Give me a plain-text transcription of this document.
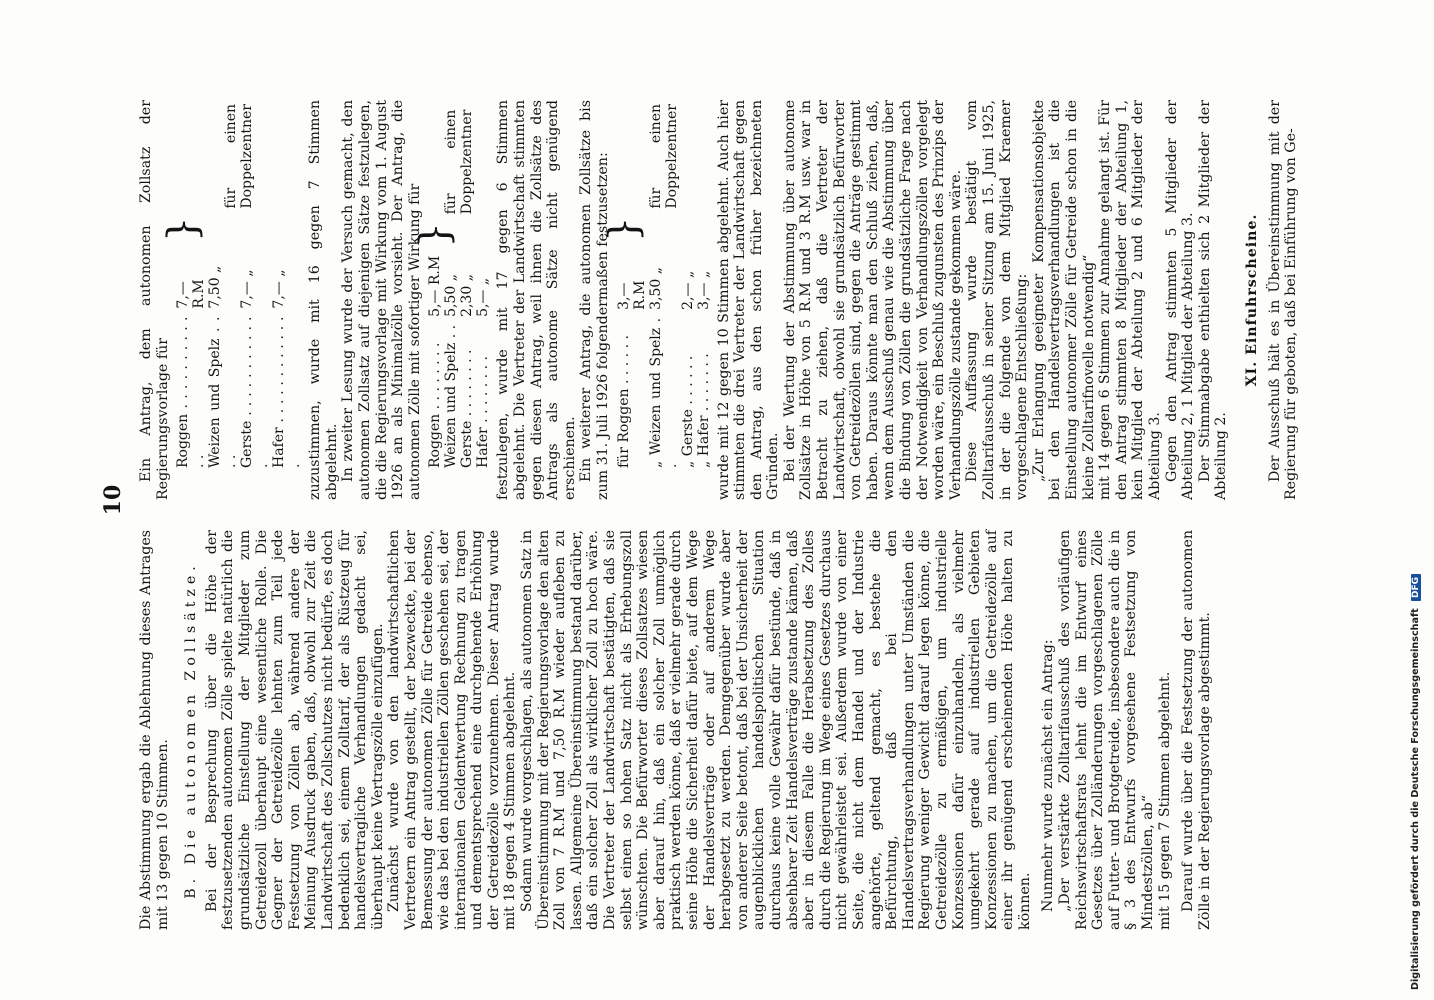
10

Die Abstimmung ergab die Ablehnung dieses Antrages mit 13 gegen 10 Stimmen. B. Die autonomen Zollsätze. Bei der Besprechung über die Höhe der festzusetzenden autonomen Zölle spielte natürlich die grundsätzliche Einstellung der Mitglieder zum Getreidezoll überhaupt eine wesentliche Rolle. Die Gegner der Getreidezölle lehnten zum Teil jede Festsetzung von Zöllen ab, während andere der Meinung Ausdruck gaben, daß, obwohl zur Zeit die Landwirtschaft des Zollschutzes nicht bedürfe, es doch bedenklich sei, einem Zolltarif, der als Rüstzeug für handelsvertragliche Verhandlungen gedacht sei, überhaupt keine Vertragszölle einzufügen. Zunächst wurde von den landwirtschaftlichen Vertretern ein Antrag gestellt, der bezweckte, bei der Bemessung der autonomen Zölle für Getreide ebenso, wie das bei den industriellen Zöllen geschehen sei, der internationalen Geldentwertung Rechnung zu tragen und dementsprechend eine durchgehende Erhöhung der Getreidezölle vorzunehmen. Dieser Antrag wurde mit 18 gegen 4 Stimmen abgelehnt. Sodann wurde vorgeschlagen, als autonomen Satz in Übereinstimmung mit der Regierungsvorlage den alten Zoll von 7 R.M und 7,50 R.M wieder aufleben zu lassen. Allgemeine Übereinstimmung bestand darüber, daß ein solcher Zoll als wirklicher Zoll zu hoch wäre. Die Vertreter der Landwirtschaft bestätigten, daß sie selbst einen so hohen Satz nicht als Erhebungszoll wünschten. Die Befürworter dieses Zollsatzes wiesen aber darauf hin, daß ein solcher Zoll unmöglich praktisch werden könne, daß er vielmehr gerade durch seine Höhe die Sicherheit dafür biete, auf dem Wege der Handelsverträge oder auf anderem Wege herabgesetzt zu werden. Demgegenüber wurde aber von anderer Seite betont, daß bei der Unsicherheit der augenblicklichen handelspolitischen Situation durchaus keine volle Gewähr dafür bestünde, daß in absehbarer Zeit Handelsverträge zustande kämen, daß aber in diesem Falle die Herabsetzung des Zolles durch die Regierung im Wege eines Gesetzes durchaus nicht gewährleistet sei. Außerdem wurde von einer Seite, die nicht dem Handel und der Industrie angehörte, geltend gemacht, es bestehe die Befürchtung, daß bei den Handelsvertragsverhandlungen unter Umständen die Regierung weniger Gewicht darauf legen könne, die Getreidezölle zu ermäßigen, um industrielle Konzessionen dafür einzuhandeln, als vielmehr umgekehrt gerade auf industriellen Gebieten Konzessionen zu machen, um die Getreidezölle auf einer ihr genügend erscheinenden Höhe halten zu können. Nunmehr wurde zunächst ein Antrag: „Der verstärkte Zolltarifausschuß des vorläufigen Reichswirtschaftsrats lehnt die im Entwurf eines Gesetzes über Zolländerungen vorgeschlagenen Zölle auf Futter- und Brotgetreide, insbesondere auch die in § 3 des Entwurfs vorgesehene Festsetzung von Mindestzöllen, ab“ mit 15 gegen 7 Stimmen abgelehnt. Darauf wurde über die Festsetzung der autonomen Zölle in der Regierungsvorlage abgestimmt.

Ein Antrag, dem autonomen Zollsatz der Regierungsvorlage für Roggen . . . . . . . . . . . .	7,— R.M	}	für einen Doppelzentner
Weizen und Spelz . . . .	7,50 „		
Gerste . . . . . . . . . . . .	7,— „		
Hafer . . . . . . . . . . . . .	7,— „		zuzustimmen, wurde mit 16 gegen 7 Stimmen abgelehnt. In zweiter Lesung wurde der Versuch gemacht, den autonomen Zollsatz auf diejenigen Sätze festzulegen, die die Regierungsvorlage mit Wirkung vom 1. August 1926 an als Minimalzölle vorsieht. Der Antrag, die autonomen Zölle mit sofortiger Wirkung für Roggen . . . . . . . .	5,— R.M	}	für einen Doppelzentner
Weizen und Spelz . .	5,50 „		
Gerste . . . . . . . .	2,30 „		
Hafer . . . . . . . .	5,— „		festzulegen, wurde mit 17 gegen 6 Stimmen abgelehnt. Die Vertreter der Landwirtschaft stimmten gegen diesen Antrag, weil ihnen die Zollsätze des Antrags als autonome Sätze nicht genügend erschienen. Ein weiterer Antrag, die autonomen Zollsätze bis zum 31. Juli 1926 folgendermaßen festzusetzen: für Roggen . . . . . .	3,— R.M	}	für einen Doppelzentner
„ Weizen und Spelz . .	3,50 „		
„ Gerste . . . . . .	2,— „		
„ Hafer . . . . . . .	3,— „		wurde mit 12 gegen 10 Stimmen abgelehnt. Auch hier stimmten die drei Vertreter der Landwirtschaft gegen den Antrag, aus den schon früher bezeichneten Gründen. Bei der Wertung der Abstimmung über autonome Zollsätze in Höhe von 5 R.M und 3 R.M usw. war in Betracht zu ziehen, daß die Vertreter der Landwirtschaft, obwohl sie grundsätzlich Befürworter von Getreidezöllen sind, gegen die Anträge gestimmt haben. Daraus könnte man den Schluß ziehen, daß, wenn dem Ausschuß genau wie die Abstimmung über die Bindung von Zöllen die grundsätzliche Frage nach der Notwendigkeit von Verhandlungszöllen vorgelegt worden wäre, ein Beschluß zugunsten des Prinzips der Verhandlungszölle zustande gekommen wäre. Diese Auffassung wurde bestätigt vom Zolltarifausschuß in seiner Sitzung am 15. Juni 1925, in der die folgende von dem Mitglied Kraemer vorgeschlagene Entschließung: „Zur Erlangung geeigneter Kompensationsobjekte bei den Handelsvertragsverhandlungen ist die Einstellung autonomer Zölle für Getreide schon in die kleine Zolltarifnovelle notwendig“ mit 14 gegen 6 Stimmen zur Annahme gelangt ist. Für den Antrag stimmten 8 Mitglieder der Abteilung 1, kein Mitglied der Abteilung 2 und 6 Mitglieder der Abteilung 3. Gegen den Antrag stimmten 5 Mitglieder der Abteilung 2, 1 Mitglied der Abteilung 3. Der Stimmabgabe enthielten sich 2 Mitglieder der Abteilung 2.

XI. Einfuhrscheine. Der Ausschuß hält es in Übereinstimmung mit der Regierung für geboten, daß bei Einführung von Ge-

Digitalisierung gefördert durch die Deutsche Forschungsgemeinschaft DFG
